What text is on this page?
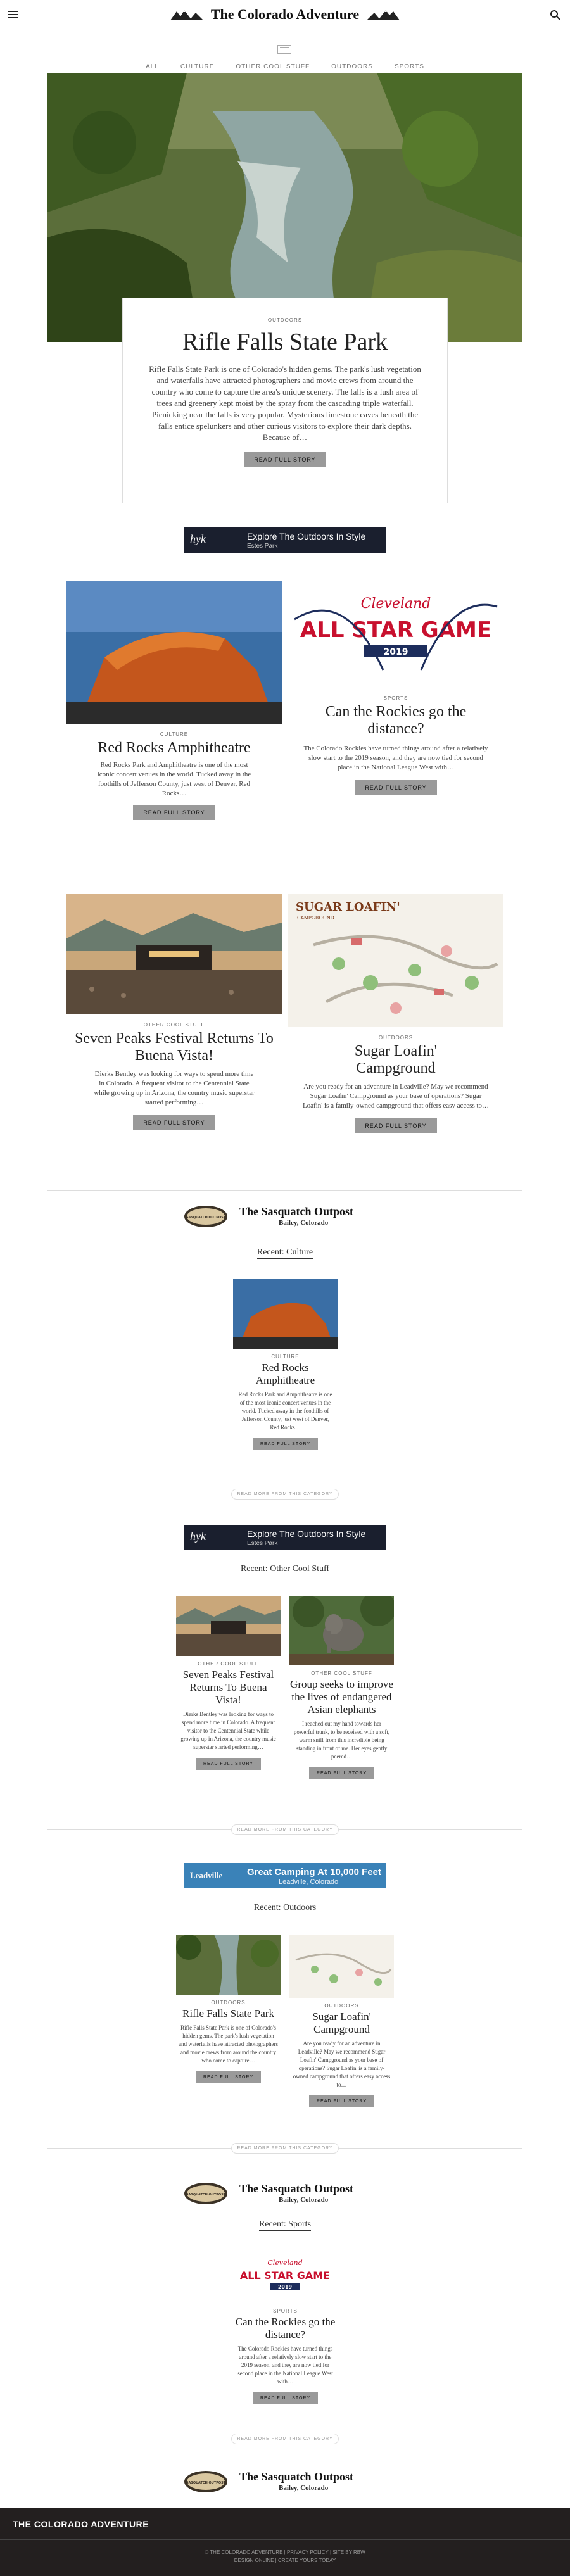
The Colorado Adventure
ALL	CULTURE	OTHER COOL STUFF	OUTDOORS	SPORTS
OUTDOORS
Rifle Falls State Park

Rifle Falls State Park is one of Colorado's hidden gems. The park's lush vegetation and waterfalls have attracted photographers and movie crews from around the country who come to capture the area's unique scenery. The falls is a lush area of trees and greenery kept moist by the spray from the cascading triple waterfall. Picnicking near the falls is very popular. Mysterious limestone caves beneath the falls entice spelunkers and other curious visitors to explore their dark depths. Because of…

READ FULL STORY
hyk	Explore The Outdoors In Style
Estes Park
CULTURE
Red Rocks Amphitheatre

Red Rocks Park and Amphitheatre is one of the most iconic concert venues in the world. Tucked away in the foothills of Jefferson County, just west of Denver, Red Rocks…

READ FULL STORY
Cleveland
ALL STAR GAME
2019
SPORTS
Can the Rockies go the distance?

The Colorado Rockies have turned things around after a relatively slow start to the 2019 season, and they are now tied for second place in the National League West with…

READ FULL STORY
OTHER COOL STUFF
Seven Peaks Festival Returns To Buena Vista!

Dierks Bentley was looking for ways to spend more time in Colorado. A frequent visitor to the Centennial State while growing up in Arizona, the country music superstar started performing…

READ FULL STORY
SUGAR LOAFIN'
CAMPGROUND
OUTDOORS
Sugar Loafin' Campground

Are you ready for an adventure in Leadville? May we recommend Sugar Loafin' Campground as your base of operations? Sugar Loafin' is a family-owned campground that offers easy access to…

READ FULL STORY
SASQUATCH OUTPOST The Sasquatch Outpost
Bailey, Colorado
Recent: Culture
CULTURE
Red Rocks Amphitheatre

Red Rocks Park and Amphitheatre is one of the most iconic concert venues in the world. Tucked away in the foothills of Jefferson County, just west of Denver, Red Rocks…

READ FULL STORY
READ MORE FROM THIS CATEGORY
hyk	Explore The Outdoors In Style
Estes Park
Recent: Other Cool Stuff
OTHER COOL STUFF
Seven Peaks Festival Returns To Buena Vista!

Dierks Bentley was looking for ways to spend more time in Colorado. A frequent visitor to the Centennial State while growing up in Arizona, the country music superstar started performing…

READ FULL STORY
OTHER COOL STUFF
Group seeks to improve the lives of endangered Asian elephants

I reached out my hand towards her powerful trunk, to be received with a soft, warm sniff from this incredible being standing in front of me. Her eyes gently peered…

READ FULL STORY
READ MORE FROM THIS CATEGORY
Leadville	Great Camping At 10,000 Feet
Leadville, Colorado
Recent: Outdoors
OUTDOORS
Rifle Falls State Park

Rifle Falls State Park is one of Colorado's hidden gems. The park's lush vegetation and waterfalls have attracted photographers and movie crews from around the country who come to capture…

READ FULL STORY
OUTDOORS
Sugar Loafin' Campground

Are you ready for an adventure in Leadville? May we recommend Sugar Loafin' Campground as your base of operations? Sugar Loafin' is a family-owned campground that offers easy access to…

READ FULL STORY
READ MORE FROM THIS CATEGORY
SASQUATCH OUTPOST The Sasquatch Outpost
Bailey, Colorado
Recent: Sports
Cleveland
ALL STAR GAME
2019
SPORTS
Can the Rockies go the distance?

The Colorado Rockies have turned things around after a relatively slow start to the 2019 season, and they are now tied for second place in the National League West with…

READ FULL STORY
READ MORE FROM THIS CATEGORY
SASQUATCH OUTPOST The Sasquatch Outpost
Bailey, Colorado
THE COLORADO ADVENTURE
© THE COLORADO ADVENTURE | PRIVACY POLICY | SITE BY RBW
DESIGN ONLINE | CREATE YOURS TODAY
